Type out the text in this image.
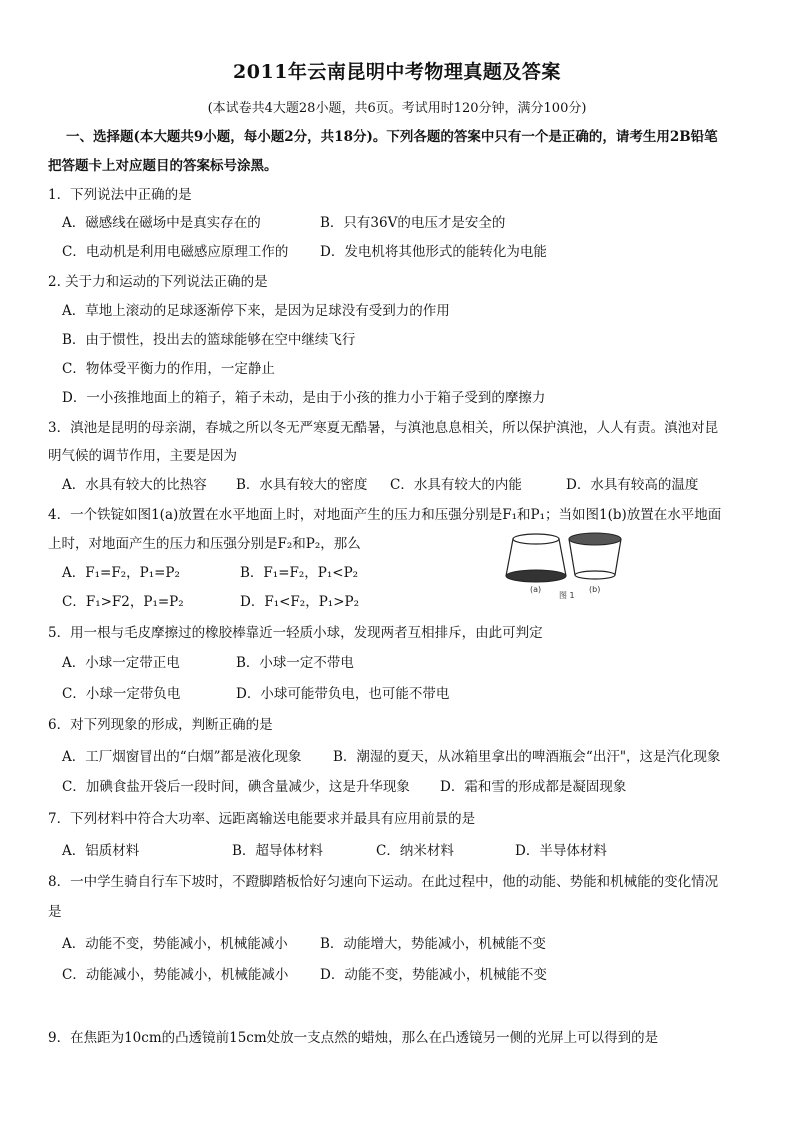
2011年云南昆明中考物理真题及答案
(本试卷共4大题28小题，共6页。考试用时120分钟，满分100分)
一、选择题(本大题共9小题，每小题2分，共18分)。下列各题的答案中只有一个是正确的，请考生用2B铅笔
把答题卡上对应题目的答案标号涂黑。
1．下列说法中正确的是
A．磁感线在磁场中是真实存在的	B．只有36V的电压才是安全的
C．电动机是利用电磁感应原理工作的 D．发电机将其他形式的能转化为电能
2. 关于力和运动的下列说法正确的是
A．草地上滚动的足球逐渐停下来，是因为足球没有受到力的作用
B．由于惯性，投出去的篮球能够在空中继续飞行
C．物体受平衡力的作用，一定静止
D．一小孩推地面上的箱子，箱子未动，是由于小孩的推力小于箱子受到的摩擦力
3．滇池是昆明的母亲湖，春城之所以冬无严寒夏无酷暑，与滇池息息相关，所以保护滇池，人人有责。滇池对昆
明气候的调节作用，主要是因为
A．水具有较大的比热容 B．水具有较大的密度 C．水具有较大的内能	D．水具有较高的温度
4．一个铁锭如图1(a)放置在水平地面上时，对地面产生的压力和压强分别是F₁和P₁；当如图1(b)放置在水平地面
上时，对地面产生的压力和压强分别是F₂和P₂，那么
A．F₁=F₂，P₁=P₂	B．F₁=F₂，P₁<P₂
C．F₁>F2，P₁=P₂	D．F₁<F₂，P₁>P₂
(a)	(b)
图 1
5．用一根与毛皮摩擦过的橡胶棒靠近一轻质小球，发现两者互相排斥，由此可判定
A．小球一定带正电	B．小球一定不带电
C．小球一定带负电	D．小球可能带负电，也可能不带电
6．对下列现象的形成，判断正确的是
A．工厂烟窗冒出的“白烟”都是液化现象 B．潮湿的夏天，从冰箱里拿出的啤酒瓶会“出汗"，这是汽化现象
C．加碘食盐开袋后一段时间，碘含量减少，这是升华现象 D．霜和雪的形成都是凝固现象
7．下列材料中符合大功率、远距离输送电能要求并最具有应用前景的是
A．铝质材料	B．超导体材料	C．纳米材料	D．半导体材料
8．一中学生骑自行车下坡时，不蹬脚踏板恰好匀速向下运动。在此过程中，他的动能、势能和机械能的变化情况
是
A．动能不变，势能减小，机械能减小 B．动能增大，势能减小，机械能不变
C．动能减小，势能减小，机械能减小 D．动能不变，势能减小，机械能不变
9．在焦距为10cm的凸透镜前15cm处放一支点然的蜡烛，那么在凸透镜另一侧的光屏上可以得到的是
